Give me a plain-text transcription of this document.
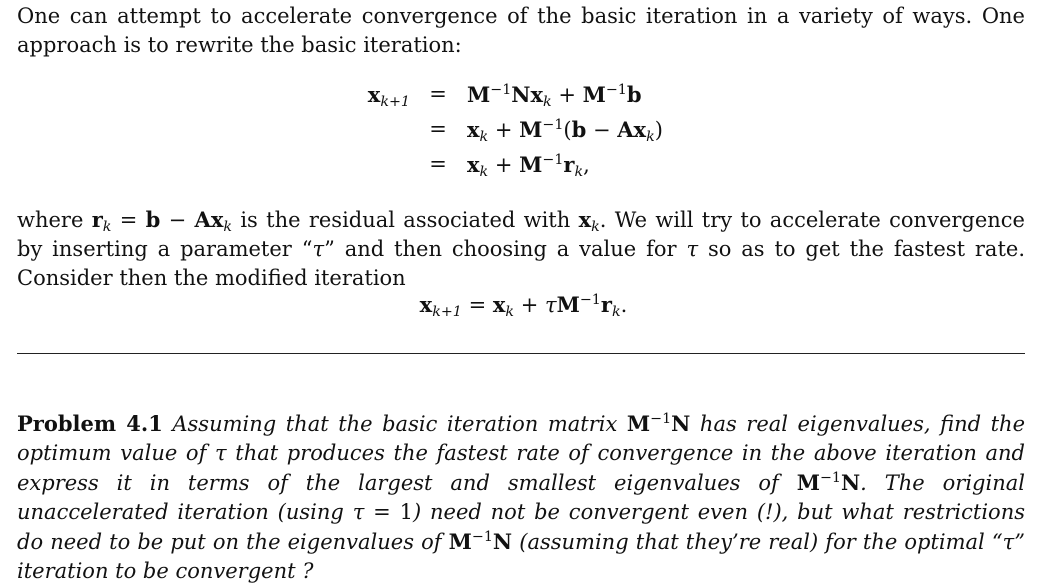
One can attempt to accelerate convergence of the basic iteration in a variety of ways. One approach is to rewrite the basic iteration:
$x_{k+1} = M^{-1}Nx_k + M^{-1}b$
= $x_k + M^{-1}(b - Ax_k)$
= $x_k + M^{-1}r_k$,
where $r_k = b - Ax_k$ is the residual associated with $x_k$. We will try to accelerate convergence by inserting a parameter “τ” and then choosing a value for τ so as to get the fastest rate. Consider then the modified iteration
$x_{k+1} = x_k + \tau M^{-1}r_k$.
Problem 4.1 Assuming that the basic iteration matrix $M^{-1}N$ has real eigenvalues, find the optimum value of τ that produces the fastest rate of convergence in the above iteration and express it in terms of the largest and smallest eigenvalues of $M^{-1}N$. The original unaccelerated iteration (using τ = 1) need not be convergent even (!), but what restrictions do need to be put on the eigenvalues of $M^{-1}N$ (assuming that they’re real) for the optimal “τ” iteration to be convergent ?
